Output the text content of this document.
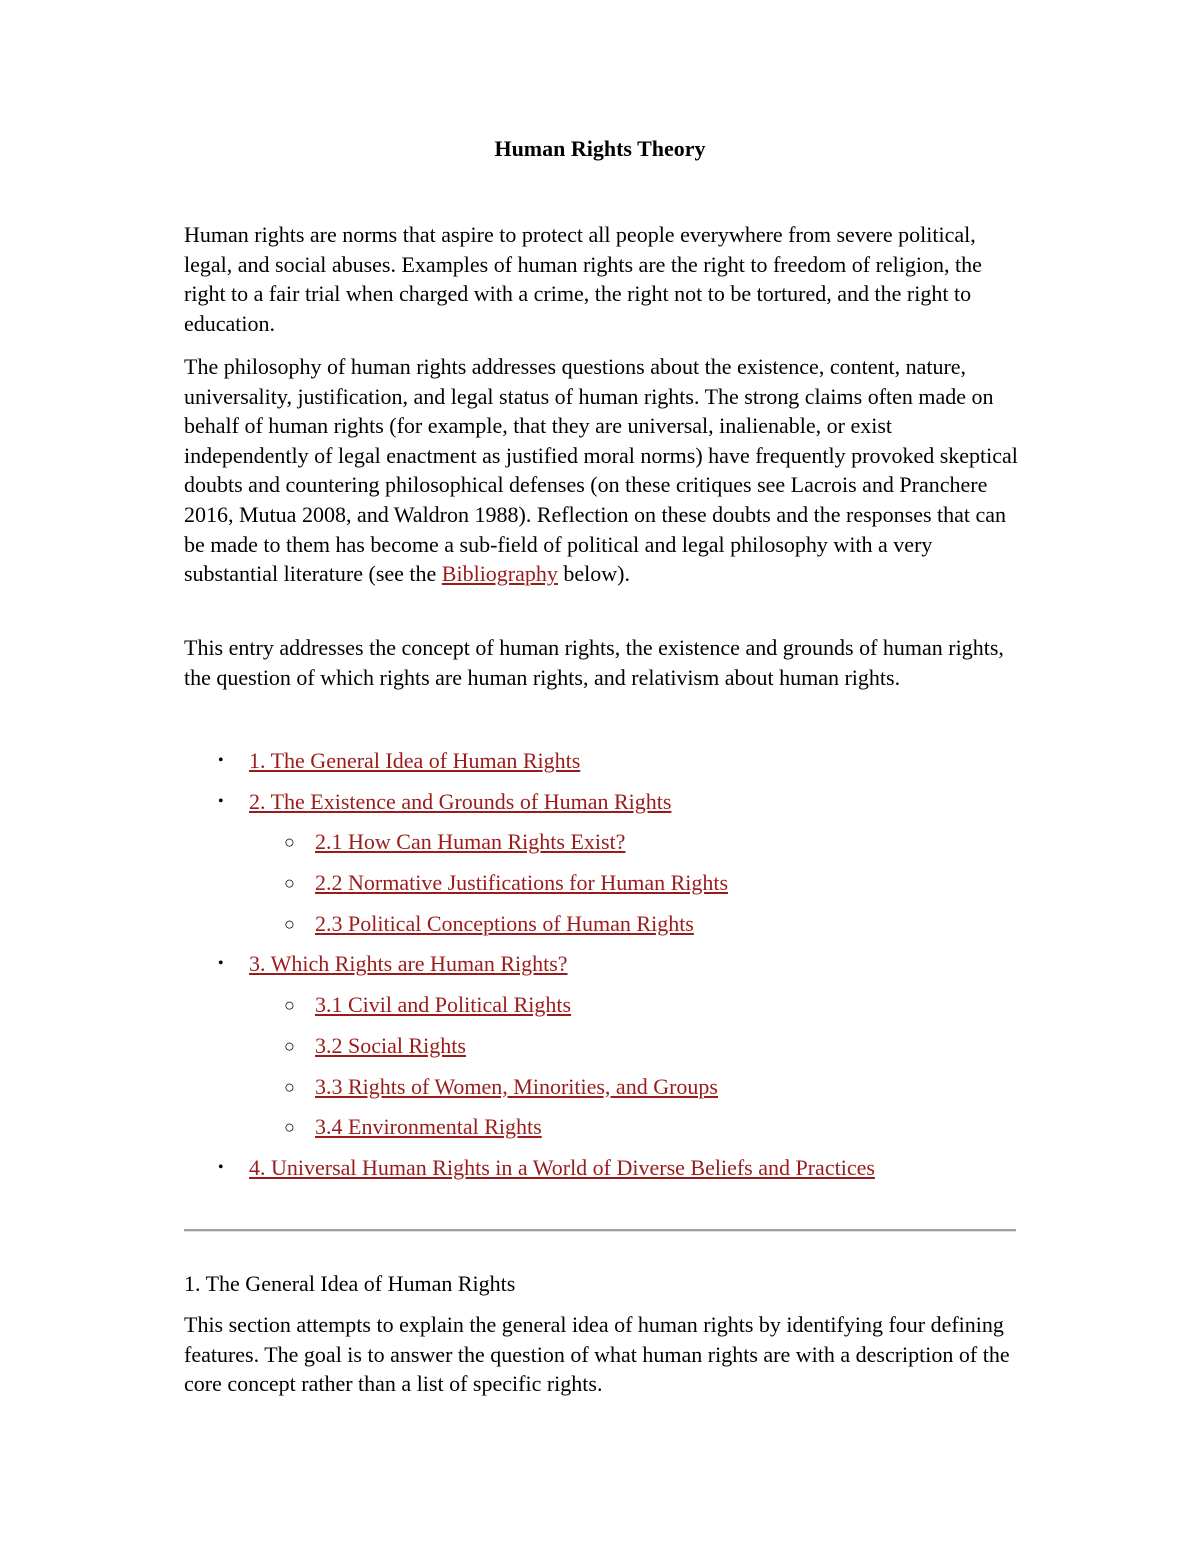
Human Rights Theory

Human rights are norms that aspire to protect all people everywhere from severe political, legal, and social abuses. Examples of human rights are the right to freedom of religion, the right to a fair trial when charged with a crime, the right not to be tortured, and the right to education.

The philosophy of human rights addresses questions about the existence, content, nature, universality, justification, and legal status of human rights. The strong claims often made on behalf of human rights (for example, that they are universal, inalienable, or exist independently of legal enactment as justified moral norms) have frequently provoked skeptical doubts and countering philosophical defenses (on these critiques see Lacrois and Pranchere 2016, Mutua 2008, and Waldron 1988). Reflection on these doubts and the responses that can be made to them has become a sub-field of political and legal philosophy with a very substantial literature (see the Bibliography below).

This entry addresses the concept of human rights, the existence and grounds of human rights, the question of which rights are human rights, and relativism about human rights.

• 1. The General Idea of Human Rights
• 2. The Existence and Grounds of Human Rights
○ 2.1 How Can Human Rights Exist?
○ 2.2 Normative Justifications for Human Rights
○ 2.3 Political Conceptions of Human Rights
• 3. Which Rights are Human Rights?
○ 3.1 Civil and Political Rights
○ 3.2 Social Rights
○ 3.3 Rights of Women, Minorities, and Groups
○ 3.4 Environmental Rights
• 4. Universal Human Rights in a World of Diverse Beliefs and Practices
1. The General Idea of Human Rights

This section attempts to explain the general idea of human rights by identifying four defining features. The goal is to answer the question of what human rights are with a description of the core concept rather than a list of specific rights.
